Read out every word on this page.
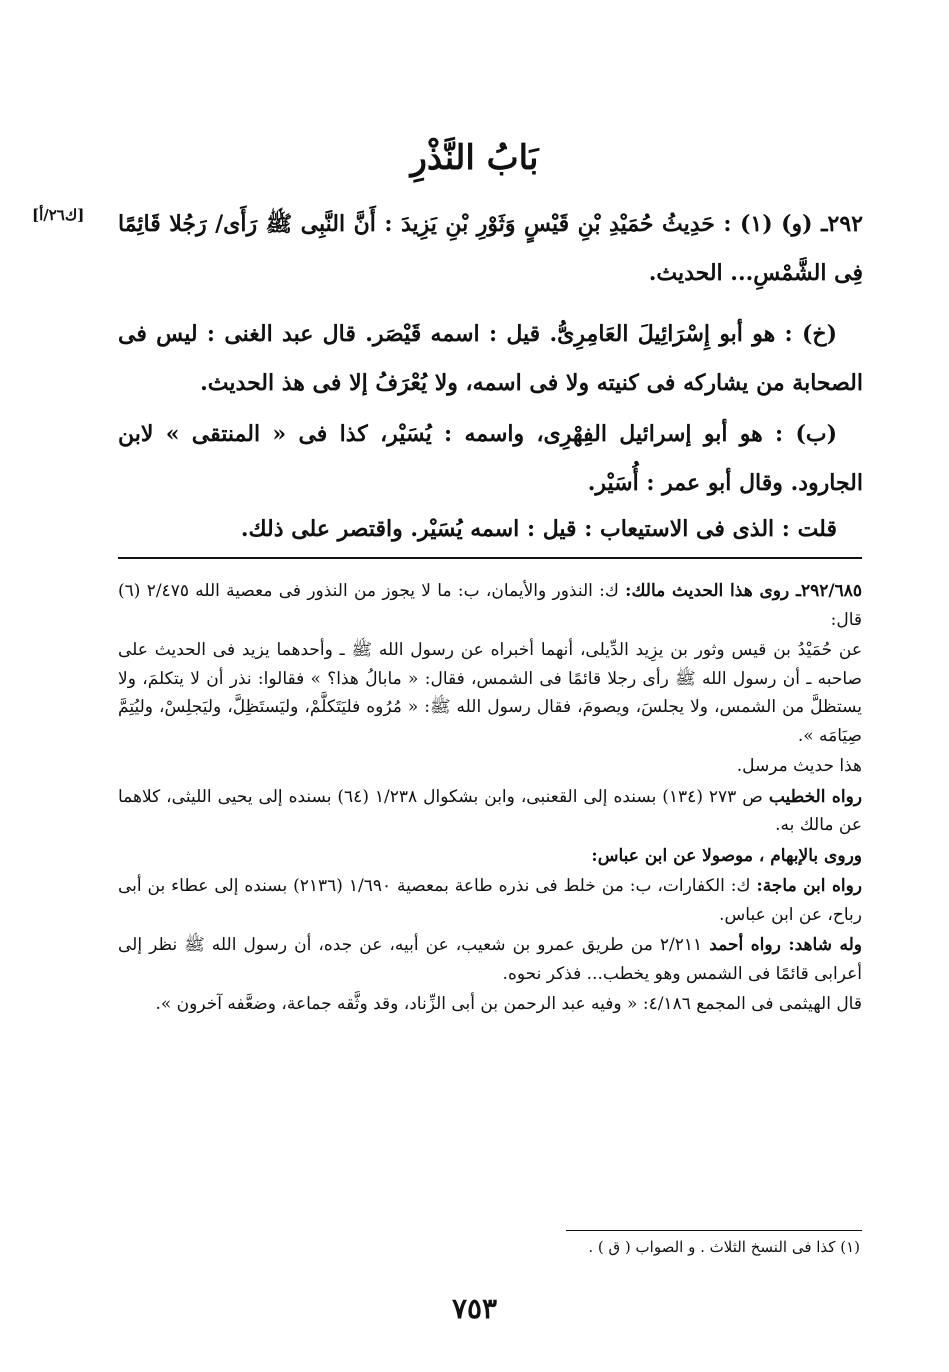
بَابُ النَّذْرِ
[ك٢٦/أ] ٢٩٢ـ (و) (١) : حَدِيثُ حُمَيْدِ بْنِ قَيْسٍ وَثَوْرِ بْنِ يَزِيدَ : أَنَّ النَّبِى ﷺ رَأَى/ رَجُلا قَائِمًا فِى الشَّمْسِ... الحديث.
(خ) : هو أبو إِسْرَائِيلَ العَامِرِىُّ. قيل : اسمه قَيْصَر. قال عبد الغنى : ليس فى الصحابة من يشاركه فى كنيته ولا فى اسمه، ولا يُعْرَفُ إلا فى هذ الحديث.
(ب) : هو أبو إسرائيل الفِهْرِى، واسمه : يُسَيْر، كذا فى « المنتقى » لابن الجارود. وقال أبو عمر : أُسَيْر.
قلت : الذى فى الاستيعاب : قيل : اسمه يُسَيْر. واقتصر على ذلك.

٢٩٢/٦٨٥ـ روى هذا الحديث مالك: ك: النذور والأيمان، ب: ما لا يجوز من النذور فى معصية الله ٢/٤٧٥ (٦) قال:

عن حُمَيْدُ بن قيس وثور بن يزِيد الدِّيلى، أنهما أخبراه عن رسول الله ﷺ ـ وأحدهما يزيد فى الحديث على صاحبه ـ أن رسول الله ﷺ رأى رجلا قائمًا فى الشمس، فقال: « مابالُ هذا؟ » فقالوا: نذر أن لا يتكلمَ، ولا يستظلَّ من الشمس، ولا يجلسَ، ويصومَ، فقال رسول الله ﷺ: « مُرُوه فليَتَكلَّمْ، وليَستَظِلَّ، وليَجلِسْ، وليُتِمَّ صِيَامَه ».

هذا حديث مرسل.

رواه الخطيب ص ٢٧٣ (١٣٤) بسنده إلى القعنبى، وابن بشكوال ١/٢٣٨ (٦٤) بسنده إلى يحيى الليثى، كلاهما عن مالك به.

وروى بالإبهام ، موصولا عن ابن عباس:

رواه ابن ماجة: ك: الكفارات، ب: من خلط فى نذره طاعة بمعصية ١/٦٩٠ (٢١٣٦) بسنده إلى عطاء بن أبى رباح، عن ابن عباس.

وله شاهد: رواه أحمد ٢/٢١١ من طريق عمرو بن شعيب، عن أبيه، عن جده، أن رسول الله ﷺ نظر إلى أعرابى قائمًا فى الشمس وهو يخطب... فذكر نحوه.

قال الهيثمى فى المجمع ٤/١٨٦: « وفيه عبد الرحمن بن أبى الزِّناد، وقد وثَّقه جماعة، وضعَّفه آخرون ».

(١) كذا فى النسخ الثلاث . و الصواب ( ق ) .
٧٥٣
